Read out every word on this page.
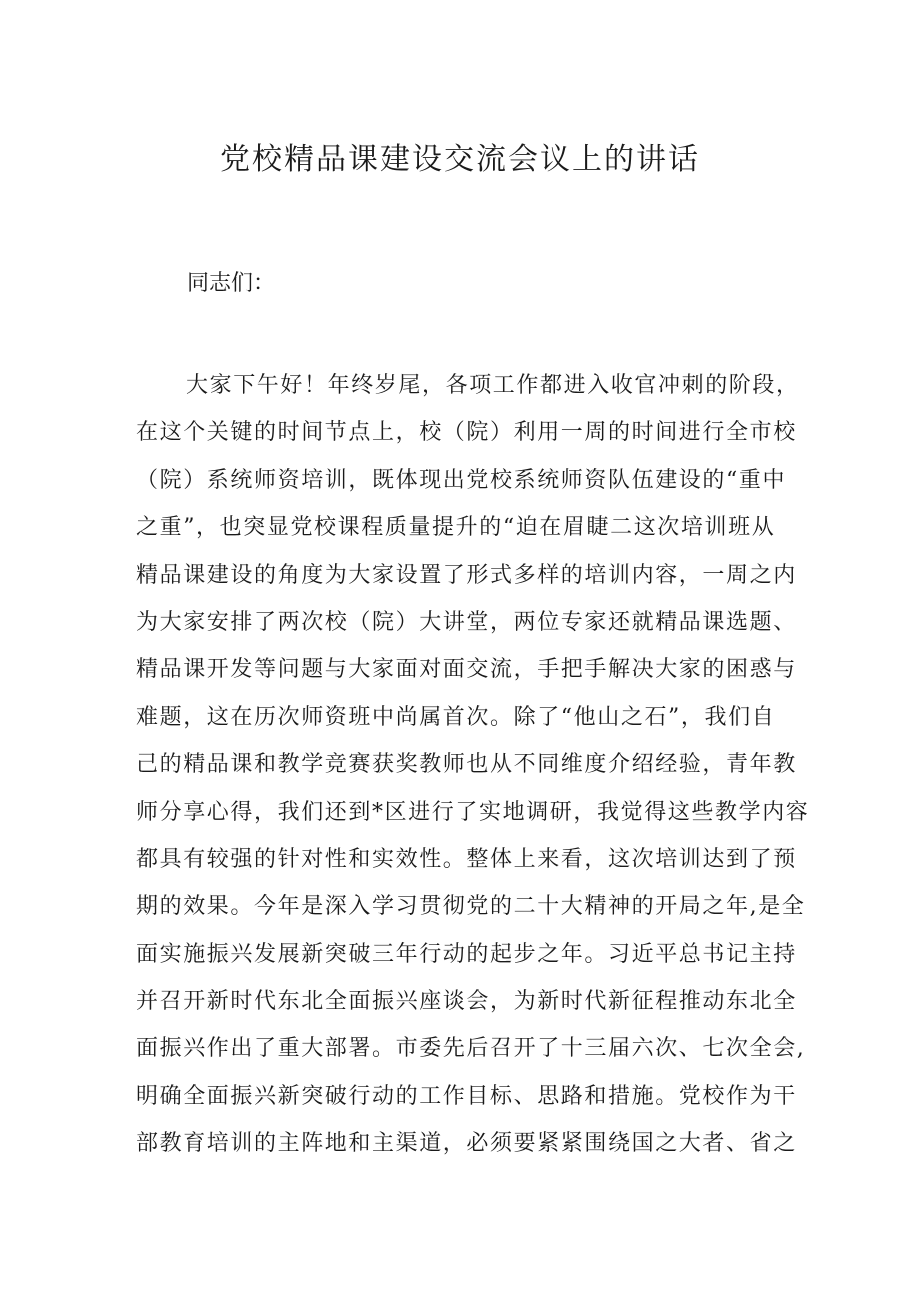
党校精品课建设交流会议上的讲话

同志们：

大家下午好！年终岁尾，各项工作都进入收官冲刺的阶段，
在这个关键的时间节点上，校（院）利用一周的时间进行全市校
（院）系统师资培训，既体现出党校系统师资队伍建设的“重中
之重”，也突显党校课程质量提升的“迫在眉睫二这次培训班从
精品课建设的角度为大家设置了形式多样的培训内容，一周之内
为大家安排了两次校（院）大讲堂，两位专家还就精品课选题、
精品课开发等问题与大家面对面交流，手把手解决大家的困惑与
难题，这在历次师资班中尚属首次。除了“他山之石”，我们自
己的精品课和教学竞赛获奖教师也从不同维度介绍经验，青年教
师分享心得，我们还到*区进行了实地调研，我觉得这些教学内容
都具有较强的针对性和实效性。整体上来看，这次培训达到了预
期的效果。今年是深入学习贯彻党的二十大精神的开局之年,是全
面实施振兴发展新突破三年行动的起步之年。习近平总书记主持
并召开新时代东北全面振兴座谈会，为新时代新征程推动东北全
面振兴作出了重大部署。市委先后召开了十三届六次、七次全会,
明确全面振兴新突破行动的工作目标、思路和措施。党校作为干
部教育培训的主阵地和主渠道，必须要紧紧围绕国之大者、省之
